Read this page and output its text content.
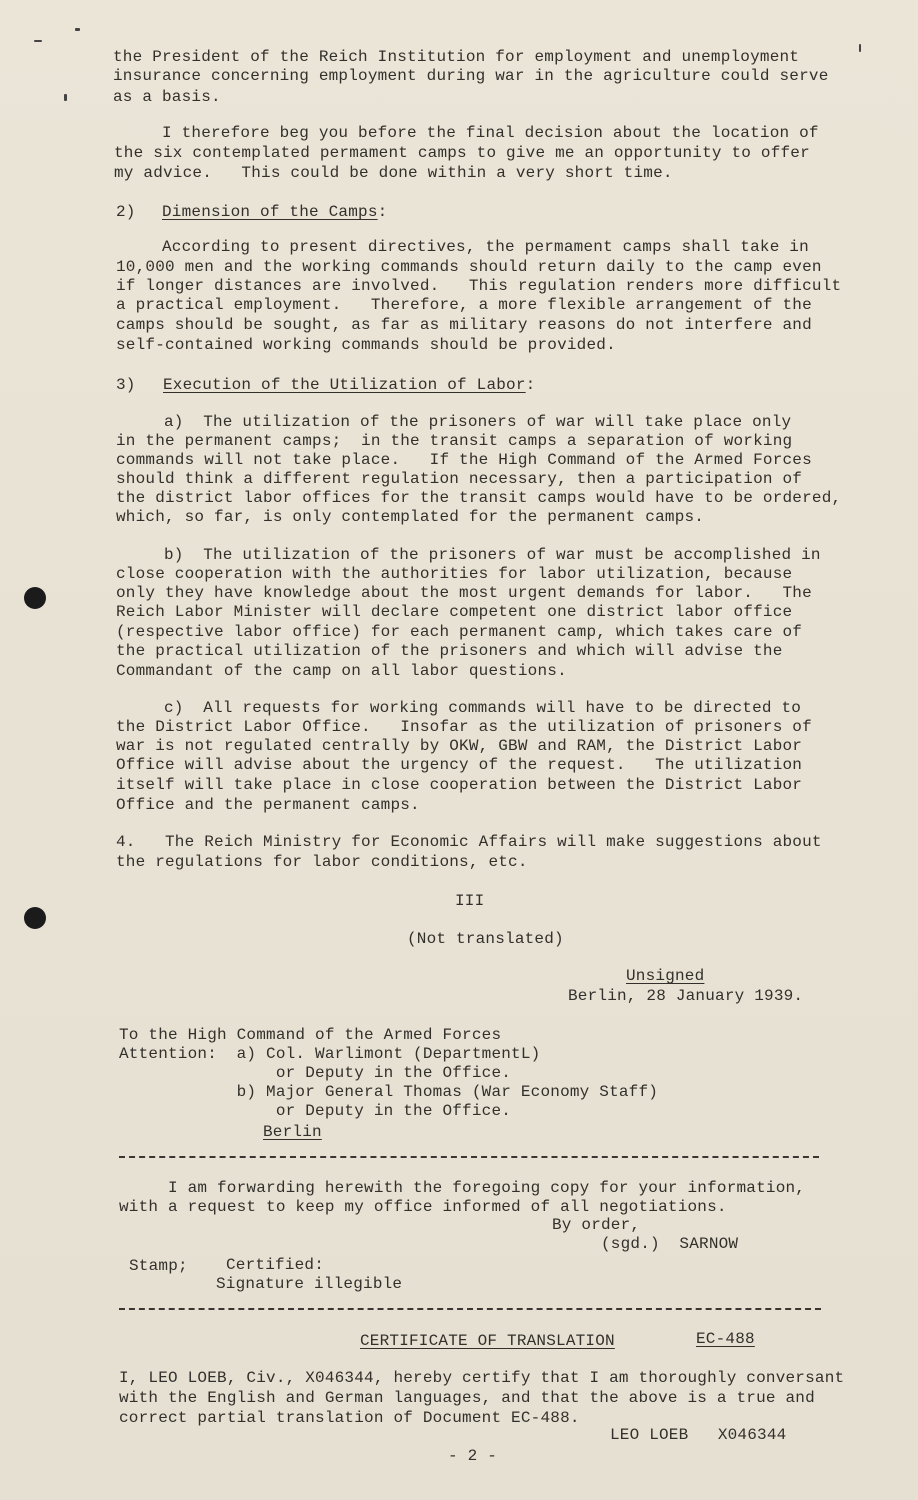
the President of the Reich Institution for employment and unemployment
insurance concerning employment during war in the agriculture could serve
as a basis.
I therefore beg you before the final decision about the location of
the six contemplated permament camps to give me an opportunity to offer
my advice.   This could be done within a very short time.
2) Dimension of the Camps:
According to present directives, the permament camps shall take in
10,000 men and the working commands should return daily to the camp even
if longer distances are involved.   This regulation renders more difficult
a practical employment.   Therefore, a more flexible arrangement of the
camps should be sought, as far as military reasons do not interfere and
self-contained working commands should be provided.
3) Execution of the Utilization of Labor:
a)  The utilization of the prisoners of war will take place only
in the permanent camps;  in the transit camps a separation of working
commands will not take place.   If the High Command of the Armed Forces
should think a different regulation necessary, then a participation of
the district labor offices for the transit camps would have to be ordered,
which, so far, is only contemplated for the permanent camps.
b)  The utilization of the prisoners of war must be accomplished in
close cooperation with the authorities for labor utilization, because
only they have knowledge about the most urgent demands for labor.   The
Reich Labor Minister will declare competent one district labor office
(respective labor office) for each permanent camp, which takes care of
the practical utilization of the prisoners and which will advise the
Commandant of the camp on all labor questions.
c)  All requests for working commands will have to be directed to
the District Labor Office.   Insofar as the utilization of prisoners of
war is not regulated centrally by OKW, GBW and RAM, the District Labor
Office will advise about the urgency of the request.   The utilization
itself will take place in close cooperation between the District Labor
Office and the permanent camps.
4.   The Reich Ministry for Economic Affairs will make suggestions about
the regulations for labor conditions, etc.
III
(Not translated)
Unsigned
Berlin, 28 January 1939.
To the High Command of the Armed Forces
Attention:  a) Col. Warlimont (DepartmentL)
or Deputy in the Office.
b) Major General Thomas (War Economy Staff)
or Deputy in the Office.
Berlin
I am forwarding herewith the foregoing copy for your information,
with a request to keep my office informed of all negotiations.
By order,
(sgd.)  SARNOW
Stamp; Certified:
Signature illegible
CERTIFICATE OF TRANSLATION	EC-488
I, LEO LOEB, Civ., X046344, hereby certify that I am thoroughly conversant
with the English and German languages, and that the above is a true and
correct partial translation of Document EC-488.
LEO LOEB   X046344
- 2 -
